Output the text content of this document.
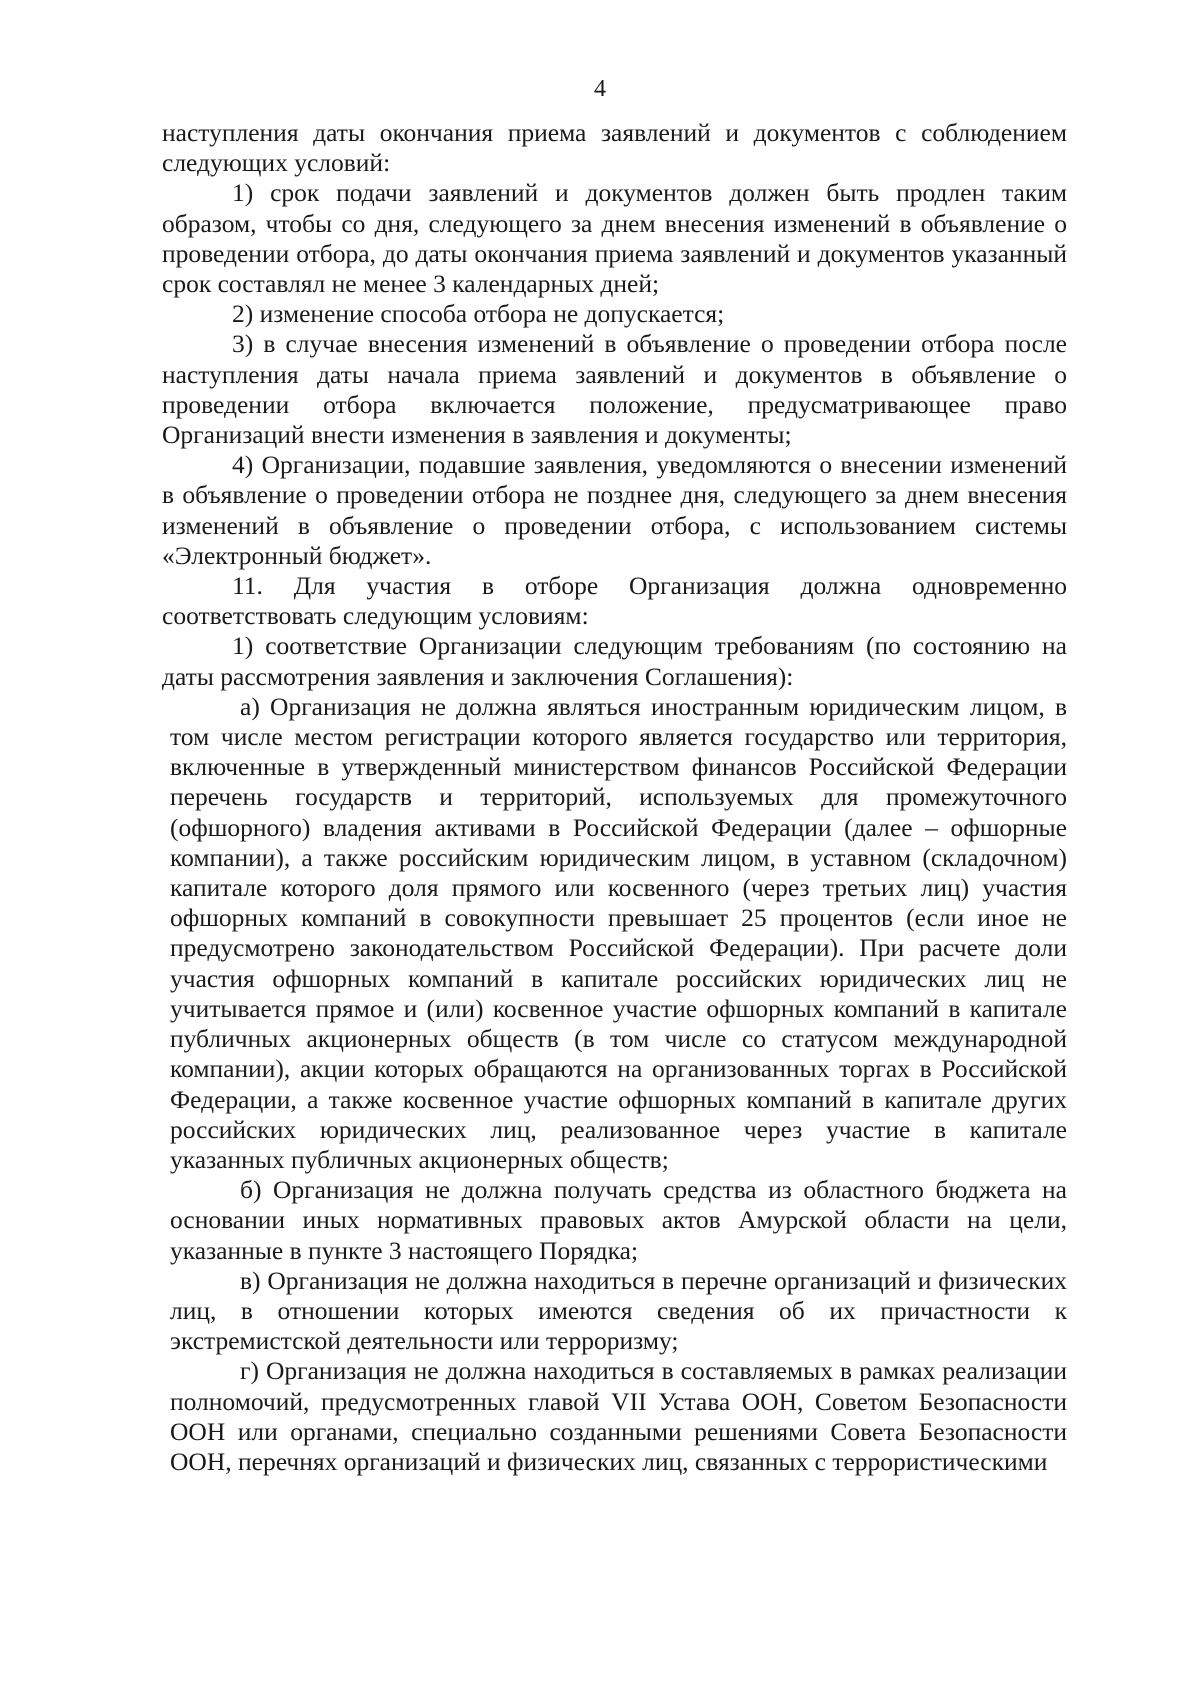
4

наступления даты окончания приема заявлений и документов с соблюдением следующих условий:

1) срок подачи заявлений и документов должен быть продлен таким образом, чтобы со дня, следующего за днем внесения изменений в объявление о проведении отбора, до даты окончания приема заявлений и документов указанный срок составлял не менее 3 календарных дней;

2) изменение способа отбора не допускается;

3) в случае внесения изменений в объявление о проведении отбора после наступления даты начала приема заявлений и документов в объявление о проведении отбора включается положение, предусматривающее право Организаций внести изменения в заявления и документы;

4) Организации, подавшие заявления, уведомляются о внесении изменений в объявление о проведении отбора не позднее дня, следующего за днем внесения изменений в объявление о проведении отбора, с использованием системы «Электронный бюджет».

11. Для участия в отборе Организация должна одновременно соответствовать следующим условиям:

1) соответствие Организации следующим требованиям (по состоянию на даты рассмотрения заявления и заключения Соглашения):

а) Организация не должна являться иностранным юридическим лицом, в том числе местом регистрации которого является государство или территория, включенные в утвержденный министерством финансов Российской Федерации перечень государств и территорий, используемых для промежуточного (офшорного) владения активами в Российской Федерации (далее – офшорные компании), а также российским юридическим лицом, в уставном (складочном) капитале которого доля прямого или косвенного (через третьих лиц) участия офшорных компаний в совокупности превышает 25 процентов (если иное не предусмотрено законодательством Российской Федерации). При расчете доли участия офшорных компаний в капитале российских юридических лиц не учитывается прямое и (или) косвенное участие офшорных компаний в капитале публичных акционерных обществ (в том числе со статусом международной компании), акции которых обращаются на организованных торгах в Российской Федерации, а также косвенное участие офшорных компаний в капитале других российских юридических лиц, реализованное через участие в капитале указанных публичных акционерных обществ;

б) Организация не должна получать средства из областного бюджета на основании иных нормативных правовых актов Амурской области на цели, указанные в пункте 3 настоящего Порядка;

в) Организация не должна находиться в перечне организаций и физических лиц, в отношении которых имеются сведения об их причастности к экстремистской деятельности или терроризму;

г) Организация не должна находиться в составляемых в рамках реализации полномочий, предусмотренных главой VII Устава ООН, Советом Безопасности ООН или органами, специально созданными решениями Совета Безопасности ООН, перечнях организаций и физических лиц, связанных с террористическими
